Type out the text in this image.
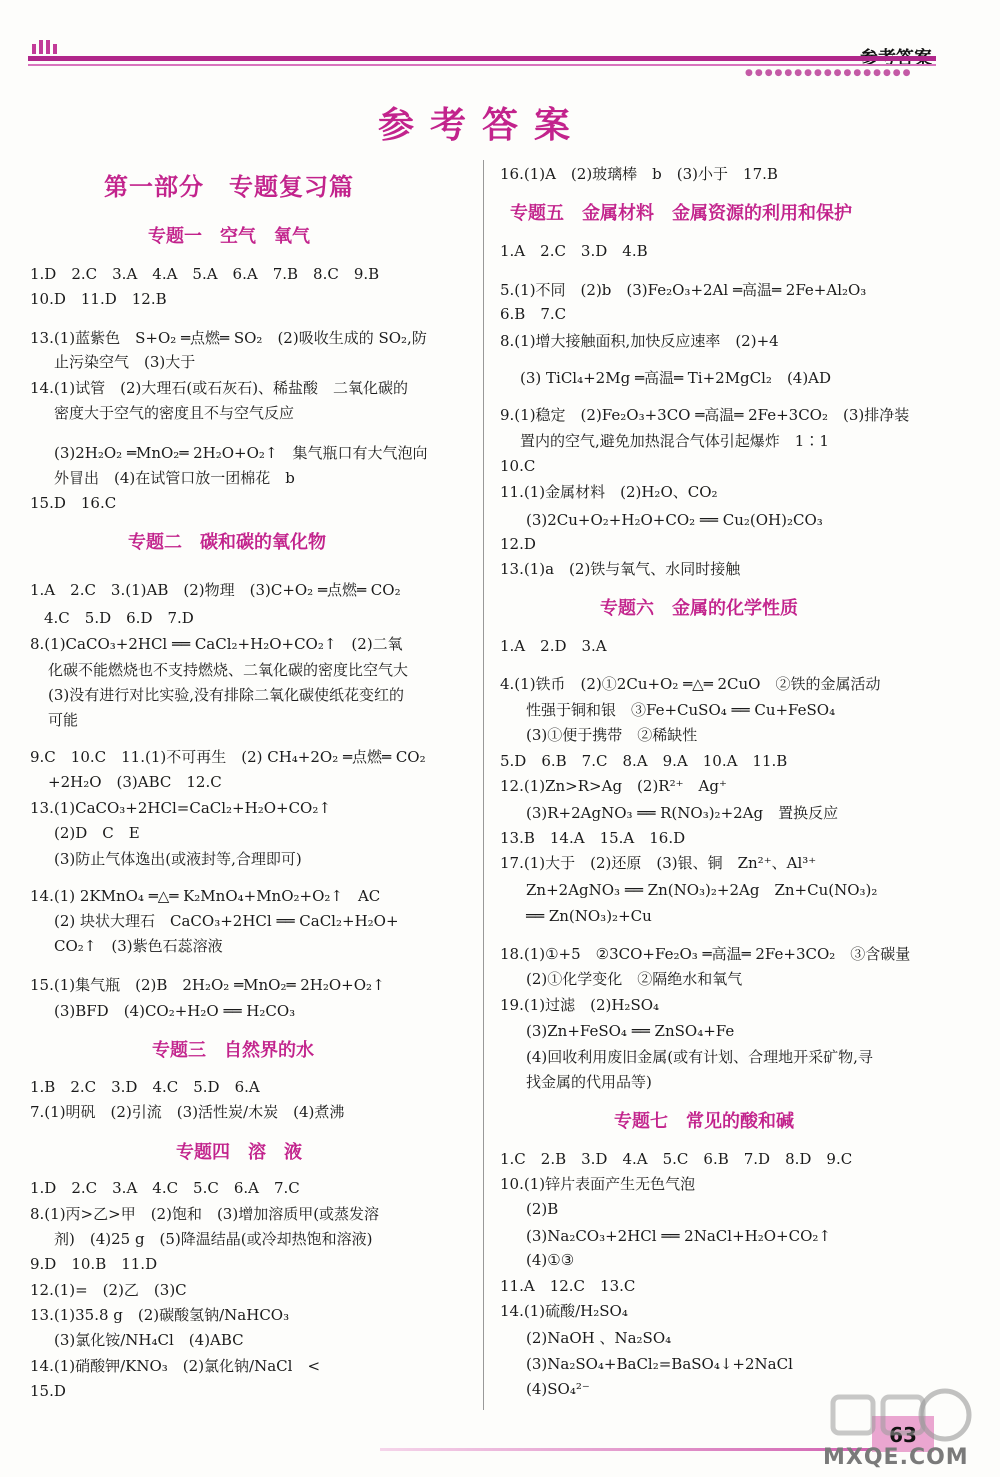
●●●●●●●●●●●●●●●●●
参考答案
第一部分　专题复习篇
专题一　空气　氧气
1.D　2.C　3.A　4.A　5.A　6.A　7.B　8.C　9.B
10.D　11.D　12.B
13.(1)蓝紫色　S+O₂ ═点燃═ SO₂　(2)吸收生成的 SO₂,防
止污染空气　(3)大于
14.(1)试管　(2)大理石(或石灰石)、稀盐酸　二氧化碳的
密度大于空气的密度且不与空气反应
(3)2H₂O₂ ═MnO₂═ 2H₂O+O₂↑　集气瓶口有大气泡向
外冒出　(4)在试管口放一团棉花　b
15.D　16.C
专题二　碳和碳的氧化物
1.A　2.C　3.(1)AB　(2)物理　(3)C+O₂ ═点燃═ CO₂
4.C　5.D　6.D　7.D
8.(1)CaCO₃+2HCl ══ CaCl₂+H₂O+CO₂↑　(2)二氧
化碳不能燃烧也不支持燃烧、二氧化碳的密度比空气大
(3)没有进行对比实验,没有排除二氧化碳使纸花变红的
可能
9.C　10.C　11.(1)不可再生　(2) CH₄+2O₂ ═点燃═ CO₂
+2H₂O　(3)ABC　12.C
13.(1)CaCO₃+2HCl=CaCl₂+H₂O+CO₂↑
(2)D　C　E
(3)防止气体逸出(或液封等,合理即可)
14.(1) 2KMnO₄ ═△═ K₂MnO₄+MnO₂+O₂↑　AC
(2) 块状大理石　CaCO₃+2HCl ══ CaCl₂+H₂O+
CO₂↑　(3)紫色石蕊溶液
15.(1)集气瓶　(2)B　2H₂O₂ ═MnO₂═ 2H₂O+O₂↑
(3)BFD　(4)CO₂+H₂O ══ H₂CO₃
专题三　自然界的水
1.B　2.C　3.D　4.C　5.D　6.A
7.(1)明矾　(2)引流　(3)活性炭/木炭　(4)煮沸
专题四　溶　液
1.D　2.C　3.A　4.C　5.C　6.A　7.C
8.(1)丙>乙>甲　(2)饱和　(3)增加溶质甲(或蒸发溶
剂)　(4)25 g　(5)降温结晶(或冷却热饱和溶液)
9.D　10.B　11.D
12.(1)=　(2)乙　(3)C
13.(1)35.8 g　(2)碳酸氢钠/NaHCO₃
(3)氯化铵/NH₄Cl　(4)ABC
14.(1)硝酸钾/KNO₃　(2)氯化钠/NaCl　<
15.D
16.(1)A　(2)玻璃棒　b　(3)小于　17.B
专题五　金属材料　金属资源的利用和保护
1.A　2.C　3.D　4.B
5.(1)不同　(2)b　(3)Fe₂O₃+2Al ═高温═ 2Fe+Al₂O₃
6.B　7.C
8.(1)增大接触面积,加快反应速率　(2)+4
(3) TiCl₄+2Mg ═高温═ Ti+2MgCl₂　(4)AD
9.(1)稳定　(2)Fe₂O₃+3CO ═高温═ 2Fe+3CO₂　(3)排净装
置内的空气,避免加热混合气体引起爆炸　1∶1
10.C
11.(1)金属材料　(2)H₂O、CO₂
(3)2Cu+O₂+H₂O+CO₂ ══ Cu₂(OH)₂CO₃
12.D
13.(1)a　(2)铁与氧气、水同时接触
专题六　金属的化学性质
1.A　2.D　3.A
4.(1)铁币　(2)①2Cu+O₂ ═△═ 2CuO　②铁的金属活动
性强于铜和银　③Fe+CuSO₄ ══ Cu+FeSO₄
(3)①便于携带　②稀缺性
5.D　6.B　7.C　8.A　9.A　10.A　11.B
12.(1)Zn>R>Ag　(2)R²⁺　Ag⁺
(3)R+2AgNO₃ ══ R(NO₃)₂+2Ag　置换反应
13.B　14.A　15.A　16.D
17.(1)大于　(2)还原　(3)银、铜　Zn²⁺、Al³⁺
Zn+2AgNO₃ ══ Zn(NO₃)₂+2Ag　Zn+Cu(NO₃)₂
══ Zn(NO₃)₂+Cu
18.(1)①+5　②3CO+Fe₂O₃ ═高温═ 2Fe+3CO₂　③含碳量
(2)①化学变化　②隔绝水和氧气
19.(1)过滤　(2)H₂SO₄
(3)Zn+FeSO₄ ══ ZnSO₄+Fe
(4)回收利用废旧金属(或有计划、合理地开采矿物,寻
找金属的代用品等)
专题七　常见的酸和碱
1.C　2.B　3.D　4.A　5.C　6.B　7.D　8.D　9.C
10.(1)锌片表面产生无色气泡
(2)B
(3)Na₂CO₃+2HCl ══ 2NaCl+H₂O+CO₂↑
(4)①③
11.A　12.C　13.C
14.(1)硫酸/H₂SO₄
(2)NaOH 、Na₂SO₄
(3)Na₂SO₄+BaCl₂=BaSO₄↓+2NaCl
(4)SO₄²⁻
63
MXQE.COM
